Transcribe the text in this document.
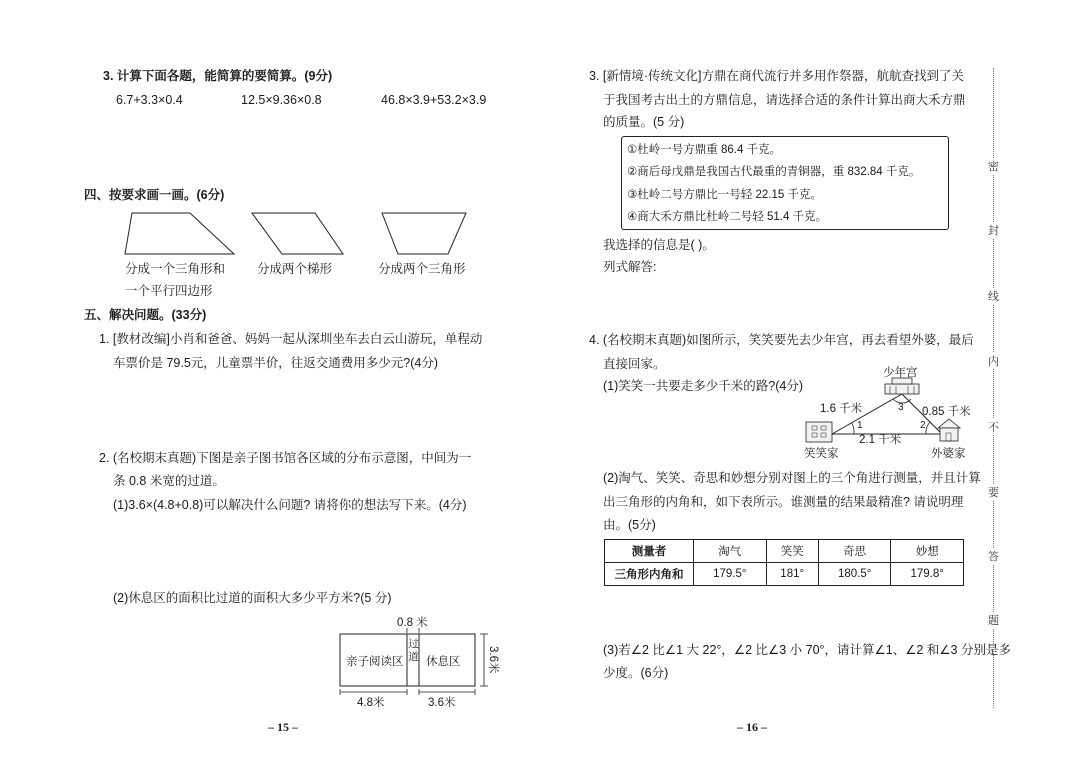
3. 计算下面各题，能简算的要简算。(9分)
6.7+3.3×0.4	12.5×9.36×0.8	46.8×3.9+53.2×3.9
四、按要求画一画。(6分)
分成一个三角形和
一个平行四边形
分成两个梯形	分成两个三角形
五、解决问题。(33分)
1. [教材改编]小肖和爸爸、妈妈一起从深圳坐车去白云山游玩，单程动
车票价是 79.5元，儿童票半价，往返交通费用多少元?(4分)
2. (名校期末真题)下图是亲子图书馆各区域的分布示意图，中间为一
条 0.8 米宽的过道。
(1)3.6×(4.8+0.8)可以解决什么问题? 请将你的想法写下来。(4分)
(2)休息区的面积比过道的面积大多少平方米?(5 分)
0.8 米
亲子阅读区
过道 休息区 3.6米
4.8米	3.6米
– 15 –
3. [新情境·传统文化]方鼎在商代流行并多用作祭器，航航查找到了关
于我国考古出土的方鼎信息，请选择合适的条件计算出商大禾方鼎
的质量。(5 分)
①杜岭一号方鼎重 86.4 千克。
②商后母戊鼎是我国古代最重的青铜器，重 832.84 千克。
③杜岭二号方鼎比一号轻 22.15 千克。
④商大禾方鼎比杜岭二号轻 51.4 千克。
我选择的信息是( )。
列式解答:
4. (名校期末真题)如图所示，笑笑要先去少年宫，再去看望外婆，最后
直接回家。
(1)笑笑一共要走多少千米的路?(4分)
少年宫
1.6 千米	0.85 千米
2.1 千米
1	2
3
笑笑家	外婆家
(2)淘气、笑笑、奇思和妙想分别对图上的三个角进行测量，并且计算
出三角形的内角和，如下表所示。谁测量的结果最精准? 请说明理
由。(5分)
测量者	淘气	笑笑	奇思	妙想
三角形内角和	179.5°	181°	180.5°	179.8°
(3)若∠2 比∠1 大 22°，∠2 比∠3 小 70°，请计算∠1、∠2 和∠3 分别是多
少度。(6分)
– 16 –
密
封
线
内
不
要
答
题
